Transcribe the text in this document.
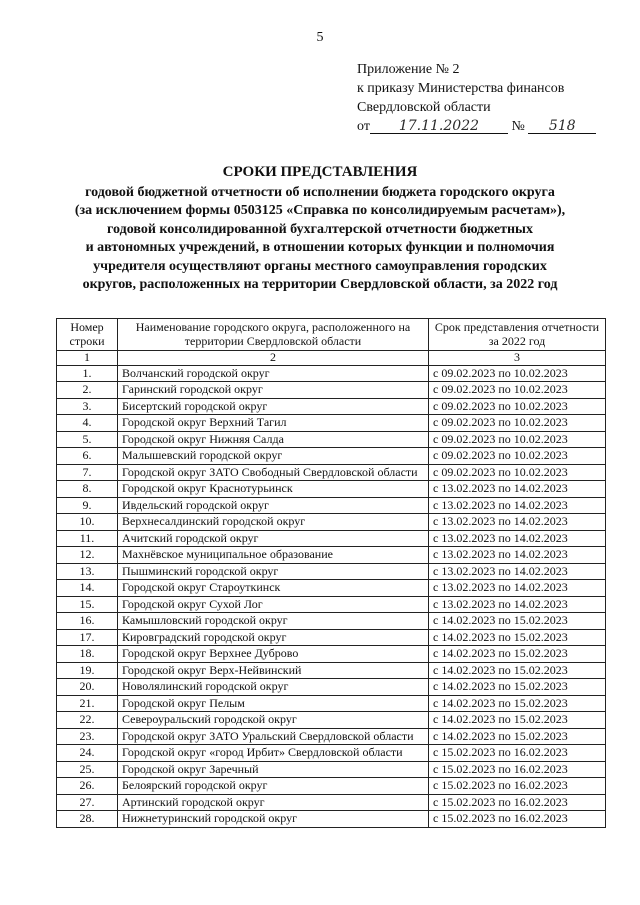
5
Приложение № 2
к приказу Министерства финансов
Свердловской области
от 17.11.2022 № 518
СРОКИ ПРЕДСТАВЛЕНИЯ
годовой бюджетной отчетности об исполнении бюджета городского округа
(за исключением формы 0503125 «Справка по консолидируемым расчетам»),
годовой консолидированной бухгалтерской отчетности бюджетных
и автономных учреждений, в отношении которых функции и полномочия
учредителя осуществляют органы местного самоуправления городских
округов, расположенных на территории Свердловской области, за 2022 год
Номер строки	Наименование городского округа, расположенного на территории Свердловской области	Срок представления отчетности за 2022 год
1	2	3
1.	Волчанский городской округ	с 09.02.2023 по 10.02.2023
2.	Гаринский городской округ	с 09.02.2023 по 10.02.2023
3.	Бисертский городской округ	с 09.02.2023 по 10.02.2023
4.	Городской округ Верхний Тагил	с 09.02.2023 по 10.02.2023
5.	Городской округ Нижняя Салда	с 09.02.2023 по 10.02.2023
6.	Малышевский городской округ	с 09.02.2023 по 10.02.2023
7.	Городской округ ЗАТО Свободный Свердловской области	с 09.02.2023 по 10.02.2023
8.	Городской округ Краснотурьинск	с 13.02.2023 по 14.02.2023
9.	Ивдельский городской округ	с 13.02.2023 по 14.02.2023
10.	Верхнесалдинский городской округ	с 13.02.2023 по 14.02.2023
11.	Ачитский городской округ	с 13.02.2023 по 14.02.2023
12.	Махнёвское муниципальное образование	с 13.02.2023 по 14.02.2023
13.	Пышминский городской округ	с 13.02.2023 по 14.02.2023
14.	Городской округ Староуткинск	с 13.02.2023 по 14.02.2023
15.	Городской округ Сухой Лог	с 13.02.2023 по 14.02.2023
16.	Камышловский городской округ	с 14.02.2023 по 15.02.2023
17.	Кировградский городской округ	с 14.02.2023 по 15.02.2023
18.	Городской округ Верхнее Дуброво	с 14.02.2023 по 15.02.2023
19.	Городской округ Верх-Нейвинский	с 14.02.2023 по 15.02.2023
20.	Новолялинский городской округ	с 14.02.2023 по 15.02.2023
21.	Городской округ Пелым	с 14.02.2023 по 15.02.2023
22.	Североуральский городской округ	с 14.02.2023 по 15.02.2023
23.	Городской округ ЗАТО Уральский Свердловской области	с 14.02.2023 по 15.02.2023
24.	Городской округ «город Ирбит» Свердловской области	с 15.02.2023 по 16.02.2023
25.	Городской округ Заречный	с 15.02.2023 по 16.02.2023
26.	Белоярский городской округ	с 15.02.2023 по 16.02.2023
27.	Артинский городской округ	с 15.02.2023 по 16.02.2023
28.	Нижнетуринский городской округ	с 15.02.2023 по 16.02.2023
